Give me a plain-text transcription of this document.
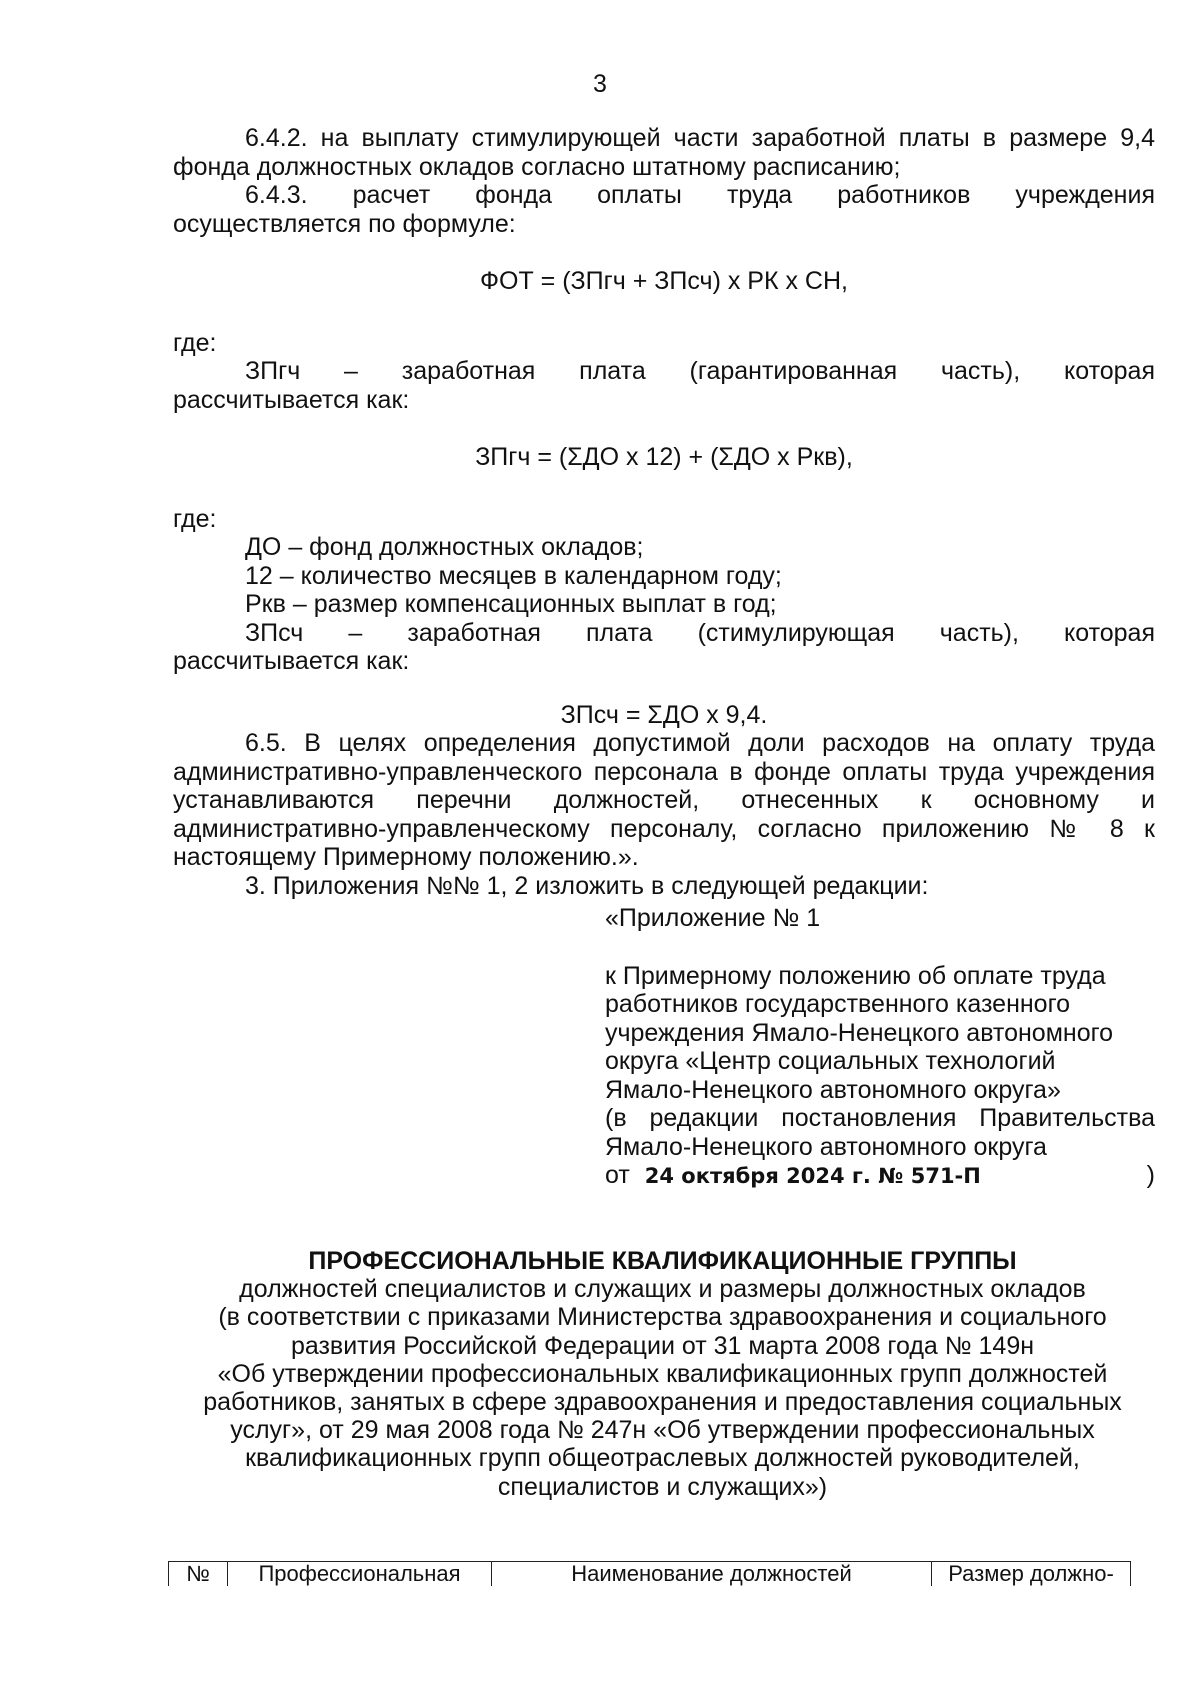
3

6.4.2. на выплату стимулирующей части заработной платы в размере 9,4 фонда должностных окладов согласно штатному расписанию;

6.4.3. расчет фонда оплаты труда работников учреждения

осуществляется по формуле:

ФОТ = (ЗПгч + ЗПсч) х РК х СН,

где:

ЗПгч – заработная плата (гарантированная часть), которая

рассчитывается как:

ЗПгч = (ΣДО х 12) + (ΣДО х Ркв),

где:

ДО – фонд должностных окладов;

12 – количество месяцев в календарном году;

Ркв – размер компенсационных выплат в год;

ЗПсч – заработная плата (стимулирующая часть), которая

рассчитывается как:

ЗПсч = ΣДО х 9,4.

6.5. В целях определения допустимой доли расходов на оплату труда административно-управленческого персонала в фонде оплаты труда учреждения устанавливаются перечни должностей, отнесенных к основному и административно-управленческому персоналу, согласно приложению № 8 к настоящему Примерному положению.».

3. Приложения №№ 1, 2 изложить в следующей редакции:

«Приложение № 1

к Примерному положению об оплате труда

работников государственного казенного

учреждения Ямало-Ненецкого автономного

округа «Центр социальных технологий

Ямало-Ненецкого автономного округа»

(в редакции постановления Правительства

Ямало-Ненецкого автономного округа

от 24 октября 2024 г. № 571-П	)

ПРОФЕССИОНАЛЬНЫЕ КВАЛИФИКАЦИОННЫЕ ГРУППЫ

должностей специалистов и служащих и размеры должностных окладов

(в соответствии с приказами Министерства здравоохранения и социального

развития Российской Федерации от 31 марта 2008 года № 149н

«Об утверждении профессиональных квалификационных групп должностей

работников, занятых в сфере здравоохранения и предоставления социальных

услуг», от 29 мая 2008 года № 247н «Об утверждении профессиональных

квалификационных групп общеотраслевых должностей руководителей,

специалистов и служащих»)

№	Профессиональная	Наименование должностей	Размер должно-
